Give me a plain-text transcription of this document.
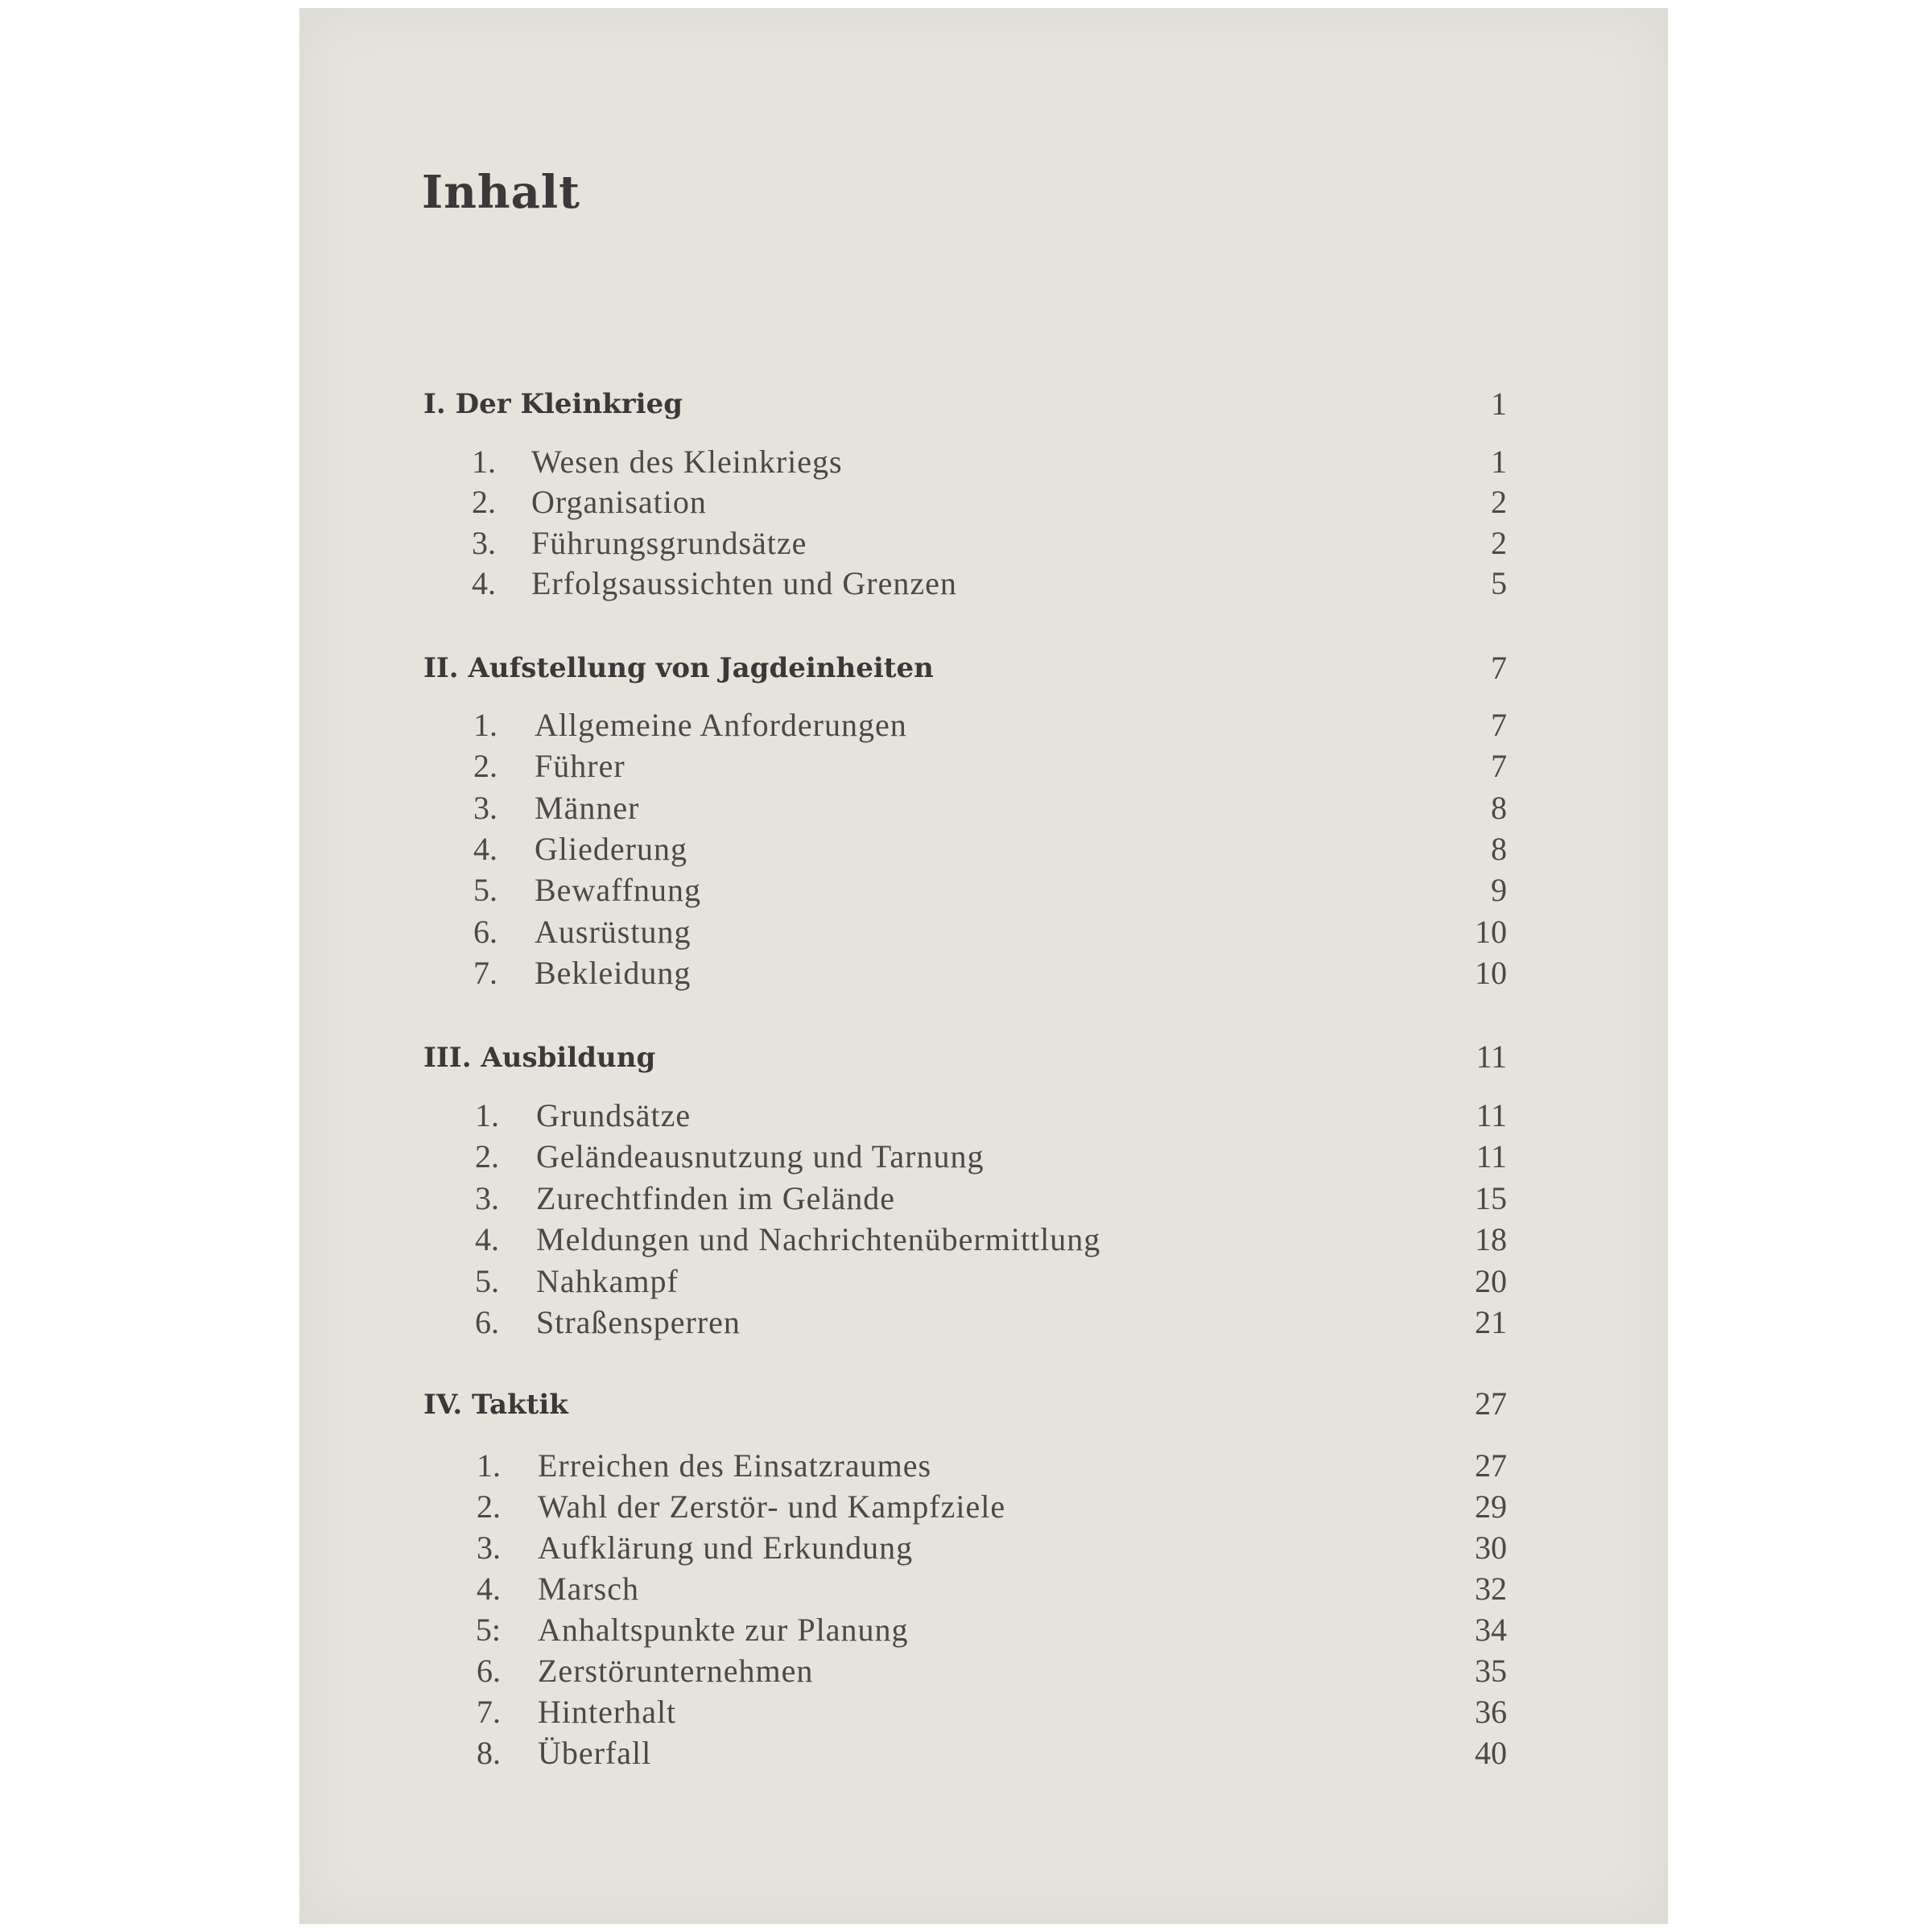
Inhalt
I. Der Kleinkrieg	1
1. Wesen des Kleinkriegs	1
2. Organisation	2
3. Führungsgrundsätze	2
4. Erfolgsaussichten und Grenzen	5
II. Aufstellung von Jagdeinheiten	7
1. Allgemeine Anforderungen	7
2. Führer	7
3. Männer	8
4. Gliederung	8
5. Bewaffnung	9
6. Ausrüstung	10
7. Bekleidung	10
III. Ausbildung	11
1. Grundsätze	11
2. Geländeausnutzung und Tarnung	11
3. Zurechtfinden im Gelände	15
4. Meldungen und Nachrichtenübermittlung	18
5. Nahkampf	20
6. Straßensperren	21
IV. Taktik	27
1. Erreichen des Einsatzraumes	27
2. Wahl der Zerstör- und Kampfziele	29
3. Aufklärung und Erkundung	30
4. Marsch	32
5: Anhaltspunkte zur Planung	34
6. Zerstörunternehmen	35
7. Hinterhalt	36
8. Überfall	40
